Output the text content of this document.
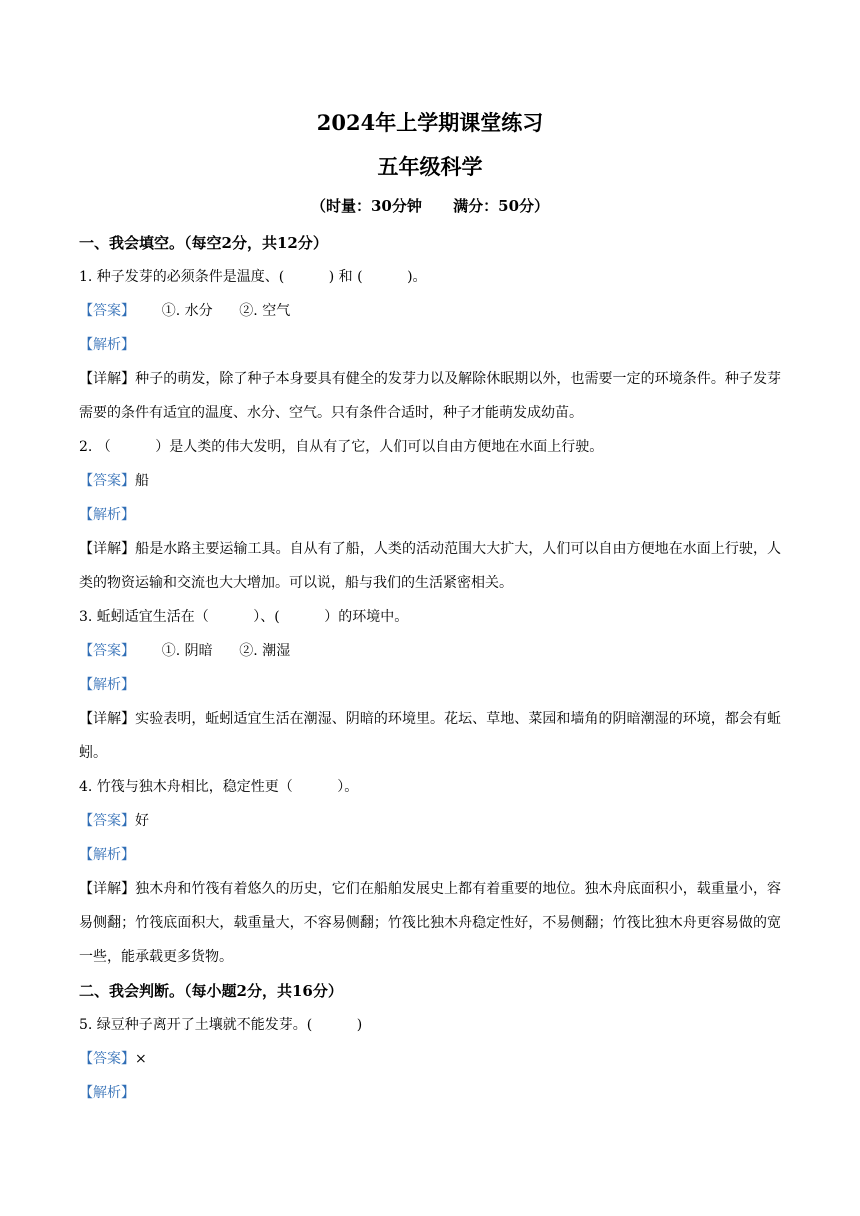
2024年上学期课堂练习
五年级科学
（时量：30分钟      满分：50分）
一、我会填空。（每空2分，共12分）
1. 种子发芽的必须条件是温度、(          ) 和 (          )。
【答案】      ①. 水分      ②. 空气
【解析】
【详解】种子的萌发，除了种子本身要具有健全的发芽力以及解除休眠期以外，也需要一定的环境条件。种子发芽需要的条件有适宜的温度、水分、空气。只有条件合适时，种子才能萌发成幼苗。
2. （          ）是人类的伟大发明，自从有了它，人们可以自由方便地在水面上行驶。
【答案】船
【解析】
【详解】船是水路主要运输工具。自从有了船，人类的活动范围大大扩大，人们可以自由方便地在水面上行驶，人类的物资运输和交流也大大增加。可以说，船与我们的生活紧密相关。
3. 蚯蚓适宜生活在（          ）、(          ）的环境中。
【答案】      ①. 阴暗      ②. 潮湿
【解析】
【详解】实验表明，蚯蚓适宜生活在潮湿、阴暗的环境里。花坛、草地、菜园和墙角的阴暗潮湿的环境，都会有蚯蚓。
4. 竹筏与独木舟相比，稳定性更（          ）。
【答案】好
【解析】
【详解】独木舟和竹筏有着悠久的历史，它们在船舶发展史上都有着重要的地位。独木舟底面积小，载重量小，容易侧翻；竹筏底面积大，载重量大，不容易侧翻；竹筏比独木舟稳定性好，不易侧翻；竹筏比独木舟更容易做的宽一些，能承载更多货物。
二、我会判断。（每小题2分，共16分）
5. 绿豆种子离开了土壤就不能发芽。(          )
【答案】×
【解析】
